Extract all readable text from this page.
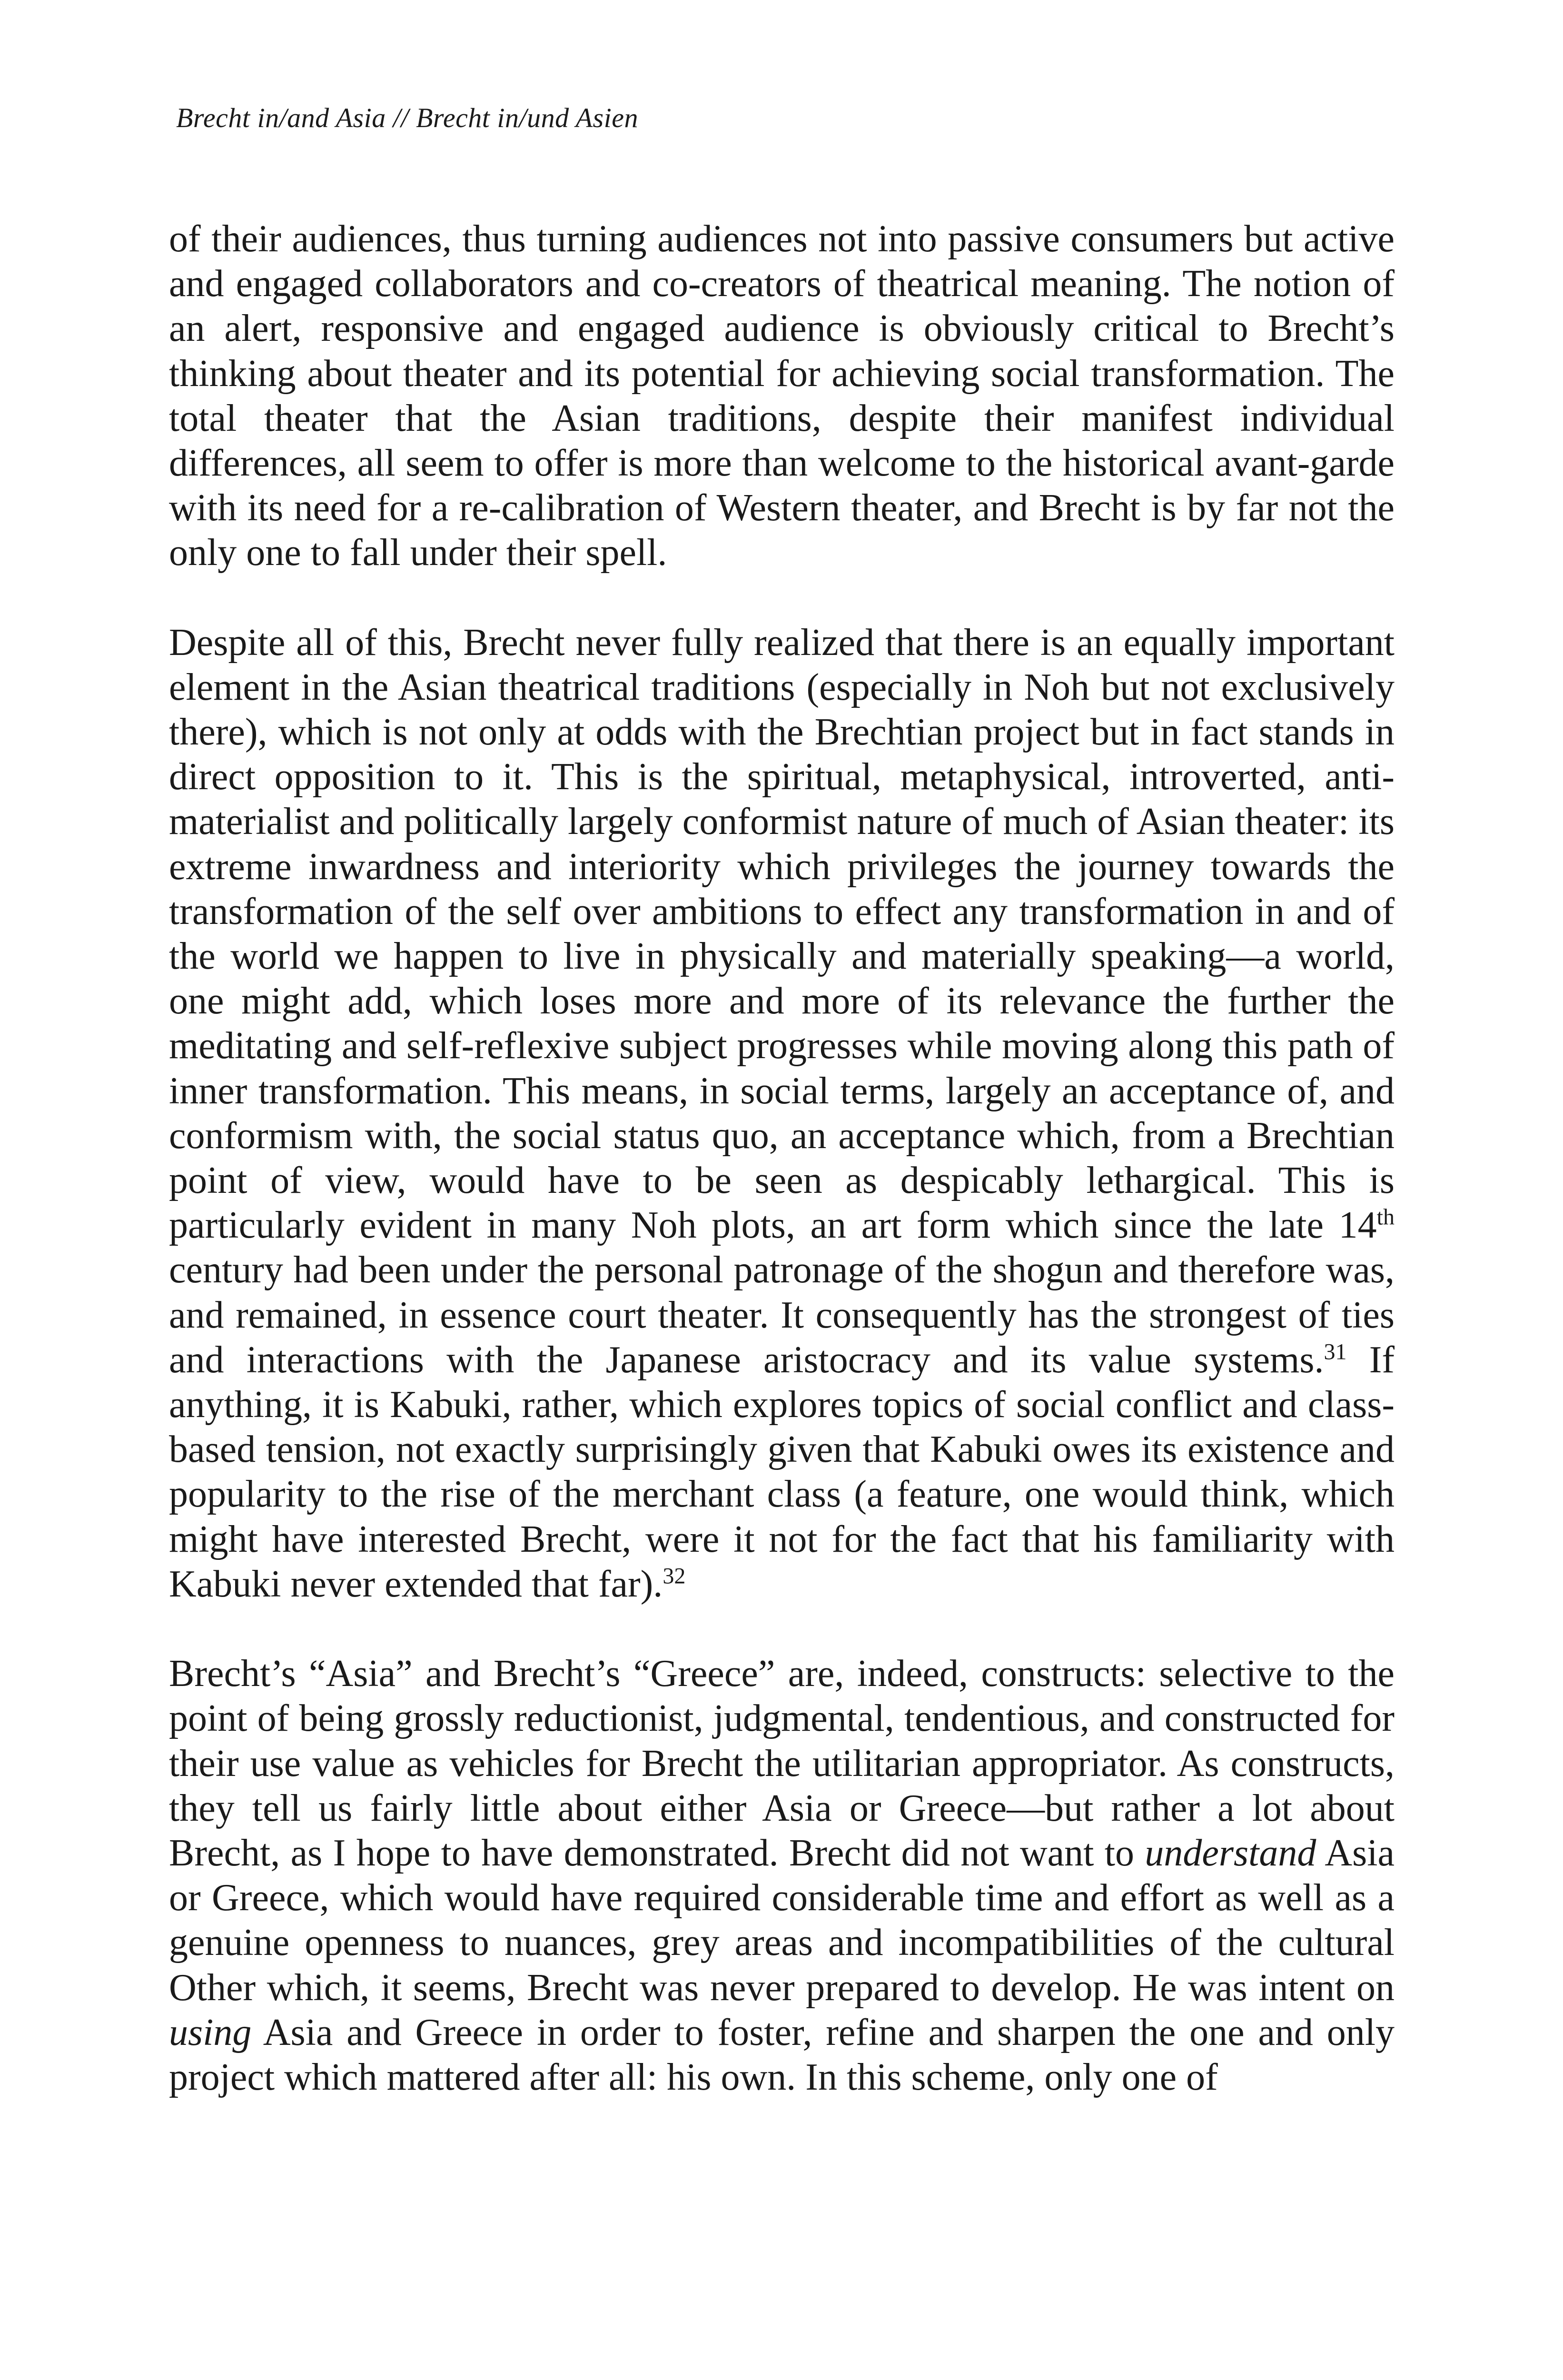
Brecht in/and Asia // Brecht in/und Asien

of their audiences, thus turning audiences not into passive consumers but active and engaged collaborators and co-creators of theatrical meaning. The notion of an alert, responsive and engaged audience is obviously critical to Brecht’s thinking about theater and its potential for achieving social transformation. The total theater that the Asian traditions, despite their manifest individual differences, all seem to offer is more than welcome to the historical avant-garde with its need for a re-calibration of Western theater, and Brecht is by far not the only one to fall under their spell.

Despite all of this, Brecht never fully realized that there is an equally important element in the Asian theatrical traditions (especially in Noh but not exclusively there), which is not only at odds with the Brechtian project but in fact stands in direct opposition to it. This is the spiritual, metaphysical, introverted, anti-materialist and politically largely conformist nature of much of Asian theater: its extreme inwardness and interiority which privileges the journey towards the transformation of the self over ambitions to effect any transformation in and of the world we happen to live in physically and materially speaking—a world, one might add, which loses more and more of its relevance the further the meditating and self-reflexive subject progresses while moving along this path of inner transformation. This means, in social terms, largely an acceptance of, and conformism with, the social status quo, an acceptance which, from a Brechtian point of view, would have to be seen as despicably lethargical. This is particularly evident in many Noh plots, an art form which since the late 14th century had been under the personal patronage of the shogun and therefore was, and remained, in essence court theater. It consequently has the strongest of ties and interactions with the Japanese aristocracy and its value systems.$^{31}$ If anything, it is Kabuki, rather, which explores topics of social conflict and class-based tension, not exactly surprisingly given that Kabuki owes its existence and popularity to the rise of the merchant class (a feature, one would think, which might have interested Brecht, were it not for the fact that his familiarity with Kabuki never extended that far).$^{32}$

Brecht’s “Asia” and Brecht’s “Greece” are, indeed, constructs: selective to the point of being grossly reductionist, judgmental, tendentious, and constructed for their use value as vehicles for Brecht the utilitarian appropriator. As constructs, they tell us fairly little about either Asia or Greece—but rather a lot about Brecht, as I hope to have demonstrated. Brecht did not want to understand Asia or Greece, which would have required considerable time and effort as well as a genuine openness to nuances, grey areas and incompatibilities of the cultural Other which, it seems, Brecht was never prepared to develop. He was intent on using Asia and Greece in order to foster, refine and sharpen the one and only project which mattered after all: his own. In this scheme, only one of
